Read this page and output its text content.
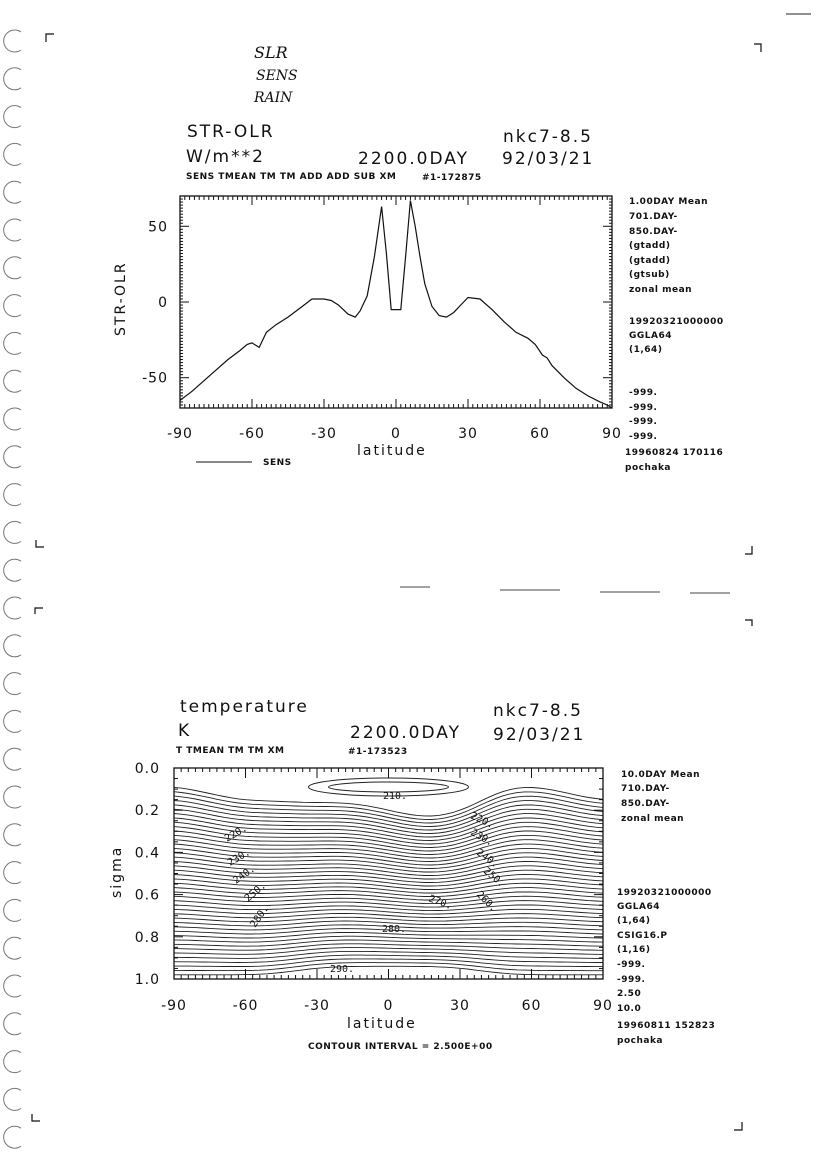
SLR
SENS
RAIN
STR-OLR
W/m**2
nkc7-8.5
2200.0DAY 92/03/21
SENS TMEAN TM TM ADD ADD SUB XM	#1-172875
-90	-60	-30	0	30	60	90
50
0
-50
latitude
STR-OLR
SENS
1.00DAY Mean
701.DAY-
850.DAY-
(gtadd)
(gtadd)
(gtsub)
zonal mean
19920321000000
GGLA64
(1,64)
-999.
-999.
-999.
-999.
19960824 170116
pochaka
temperature
K
nkc7-8.5
2200.0DAY 92/03/21
T TMEAN TM TM XM	#1-173523
-90	-60	-30	0	30	60	90
0.0
0.2
0.4
0.6
0.8
1.0
latitude
sigma
210.
220.
220.
230.
230.
240.
240.
250.
250.
260.
270.
280.	280.
290.
CONTOUR INTERVAL = 2.500E+00
10.0DAY Mean
710.DAY-
850.DAY-
zonal mean
19920321000000
GGLA64
(1,64)
CSIG16.P
(1,16)
-999.
-999.
2.50
10.0
19960811 152823
pochaka
